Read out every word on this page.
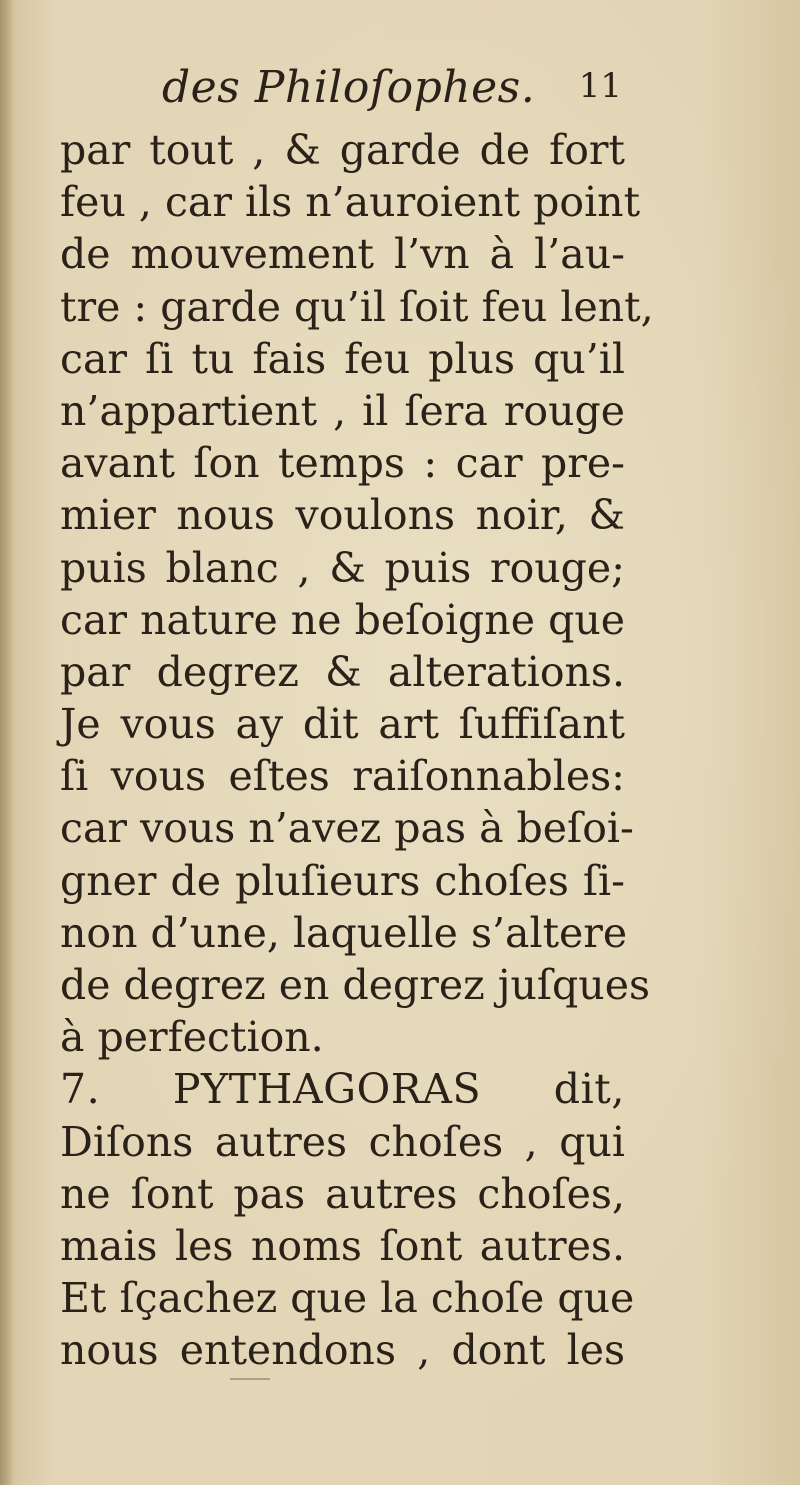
des Philoſophes. 11
par tout , & garde de fort
feu , car ils n’auroient point
de mouvement l’vn à l’au-
tre : garde qu’il ſoit feu lent,
car ſi tu fais feu plus qu’il
n’appartient , il ſera rouge
avant ſon temps : car pre-
mier nous voulons noir, &
puis blanc , & puis rouge;
car nature ne beſoigne que
par degrez & alterations.
Je vous ay dit art ſuffiſant
ſi vous eſtes raiſonnables:
car vous n’avez pas à beſoi-
gner de pluſieurs choſes ſi-
non d’une, laquelle s’altere
de degrez en degrez juſques
à perfection.
7. PYTHAGORAS dit,
Diſons autres choſes , qui
ne ſont pas autres choſes,
mais les noms ſont autres.
Et ſçachez que la choſe que
nous entendons , dont les
